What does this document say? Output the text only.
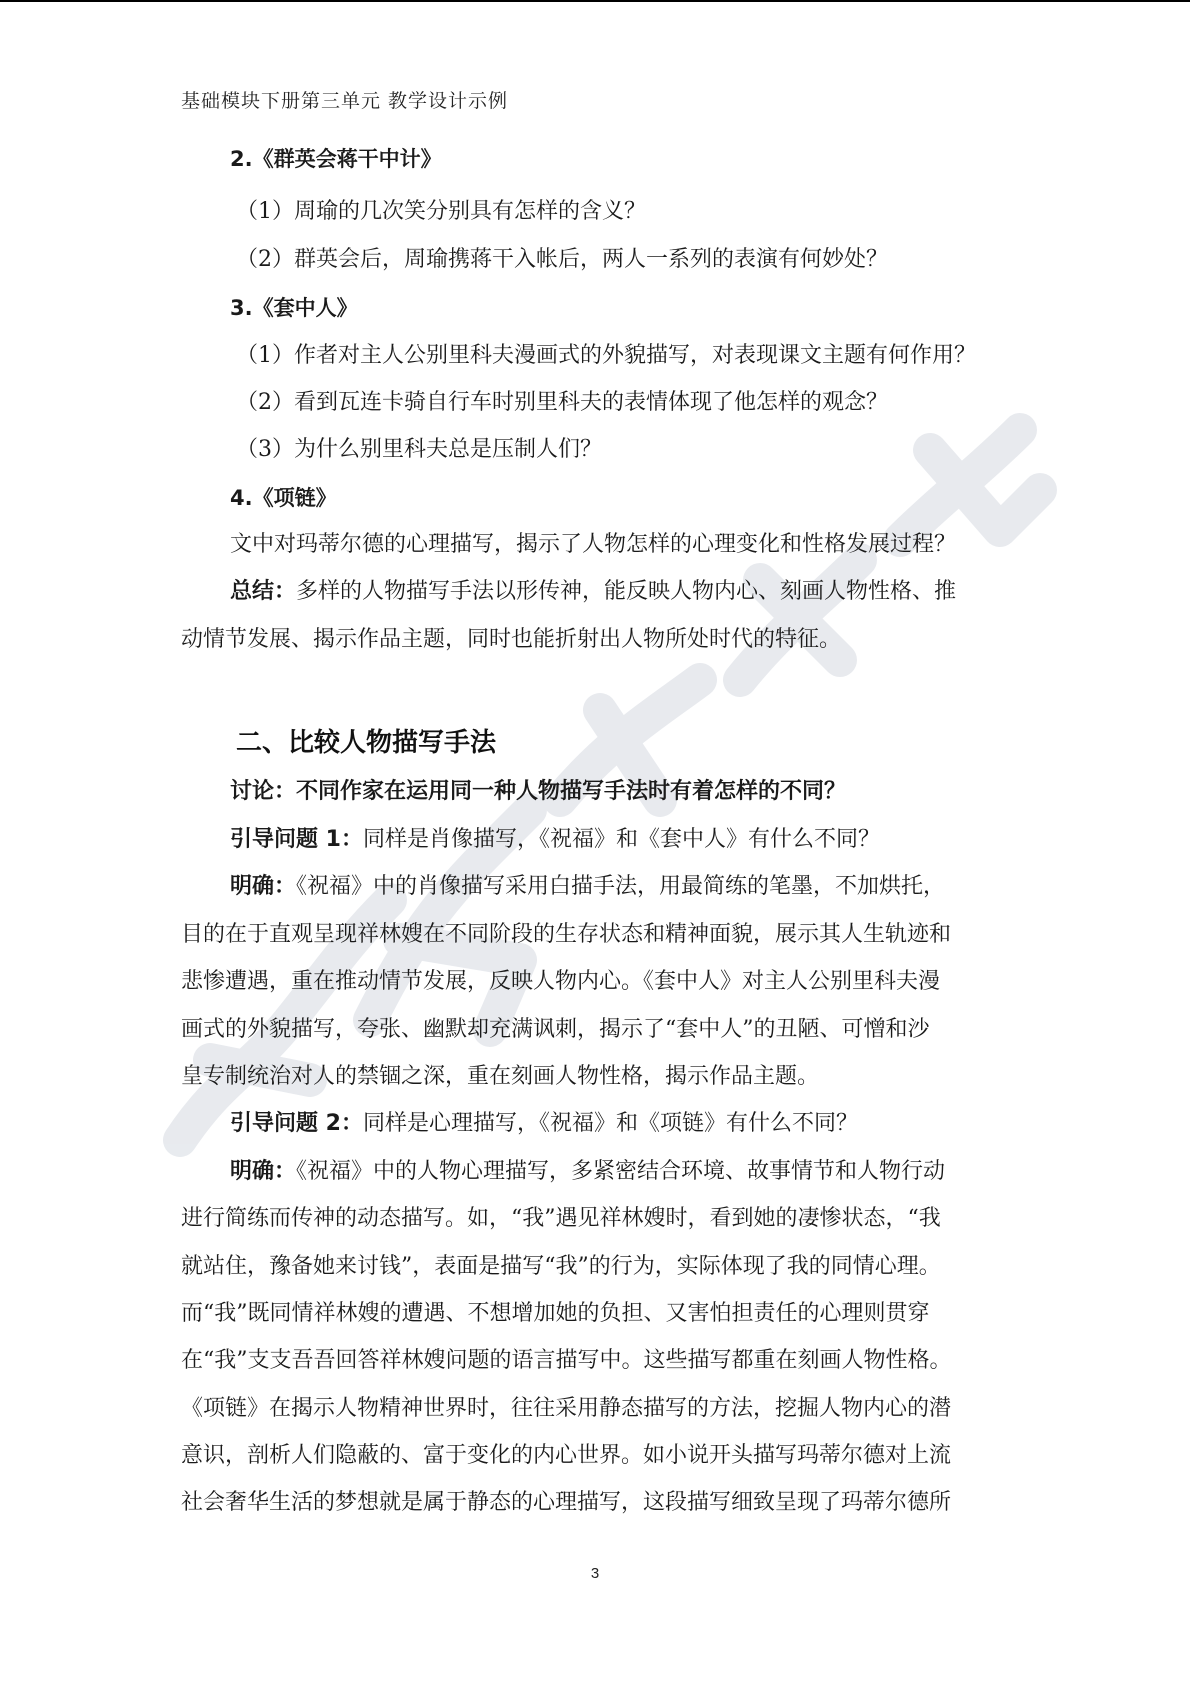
基础模块下册第三单元 教学设计示例
2.《群英会蒋干中计》
（1）周瑜的几次笑分别具有怎样的含义？
（2）群英会后，周瑜携蒋干入帐后，两人一系列的表演有何妙处？
3.《套中人》
（1）作者对主人公别里科夫漫画式的外貌描写，对表现课文主题有何作用？
（2）看到瓦连卡骑自行车时别里科夫的表情体现了他怎样的观念？
（3）为什么别里科夫总是压制人们？
4.《项链》
文中对玛蒂尔德的心理描写，揭示了人物怎样的心理变化和性格发展过程？
总结：多样的人物描写手法以形传神，能反映人物内心、刻画人物性格、推
动情节发展、揭示作品主题，同时也能折射出人物所处时代的特征。
二、比较人物描写手法
讨论：不同作家在运用同一种人物描写手法时有着怎样的不同？
引导问题 1：同样是肖像描写，《祝福》和《套中人》有什么不同？
明确：《祝福》中的肖像描写采用白描手法，用最简练的笔墨，不加烘托，
目的在于直观呈现祥林嫂在不同阶段的生存状态和精神面貌，展示其人生轨迹和
悲惨遭遇，重在推动情节发展，反映人物内心。《套中人》对主人公别里科夫漫
画式的外貌描写，夸张、幽默却充满讽刺，揭示了“套中人”的丑陋、可憎和沙
皇专制统治对人的禁锢之深，重在刻画人物性格，揭示作品主题。
引导问题 2：同样是心理描写，《祝福》和《项链》有什么不同？
明确：《祝福》中的人物心理描写，多紧密结合环境、故事情节和人物行动
进行简练而传神的动态描写。如，“我”遇见祥林嫂时，看到她的凄惨状态，“我
就站住，豫备她来讨钱”，表面是描写“我”的行为，实际体现了我的同情心理。
而“我”既同情祥林嫂的遭遇、不想增加她的负担、又害怕担责任的心理则贯穿
在“我”支支吾吾回答祥林嫂问题的语言描写中。这些描写都重在刻画人物性格。
《项链》在揭示人物精神世界时，往往采用静态描写的方法，挖掘人物内心的潜
意识，剖析人们隐蔽的、富于变化的内心世界。如小说开头描写玛蒂尔德对上流
社会奢华生活的梦想就是属于静态的心理描写，这段描写细致呈现了玛蒂尔德所
3
